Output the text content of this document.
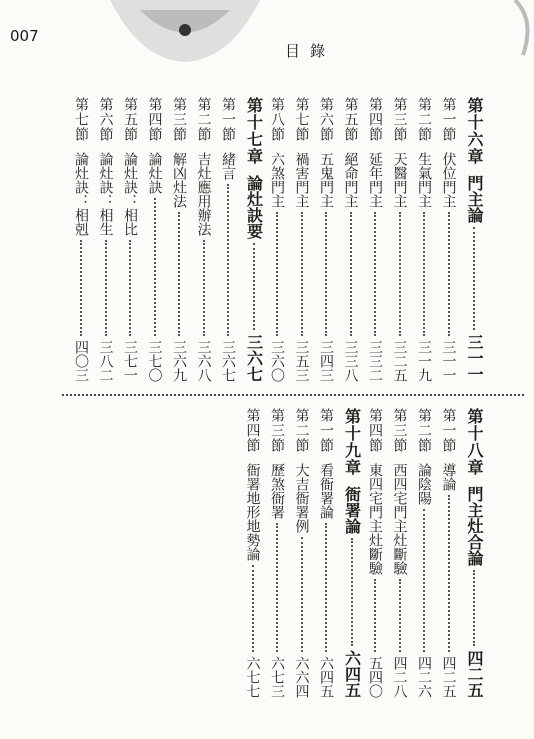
007
目錄
第十六章
門主論
三一一
第一節
伏位門主
三一一
第二節
生氣門主
三一九
第三節
天醫門主
三二五
第四節
延年門主
三三二
第五節
絕命門主
三三八
第六節
五鬼門主
三四三
第七節
禍害門主
三五三
第八節
六煞門主
三六〇
第十七章
論灶訣要
三六七
第一節
緒言
三六七
第二節
吉灶應用辦法
三六八
第三節
解凶灶法
三六九
第四節
論灶訣
三七〇
第五節
論灶訣：相比
三七一
第六節
論灶訣：相生
三八二
第七節
論灶訣：相剋
四〇三
第十八章
門主灶合論
四二五
第一節
導論
四二五
第二節
論陰陽
四二六
第三節
西四宅門主灶斷驗
四二八
第四節
東四宅門主灶斷驗
五四〇
第十九章
衙署論
六四五
第一節
看衙署論
六四五
第二節
大吉衙署例
六六四
第三節
歷煞衙署
六七三
第四節
衙署地形地勢論
六七七
